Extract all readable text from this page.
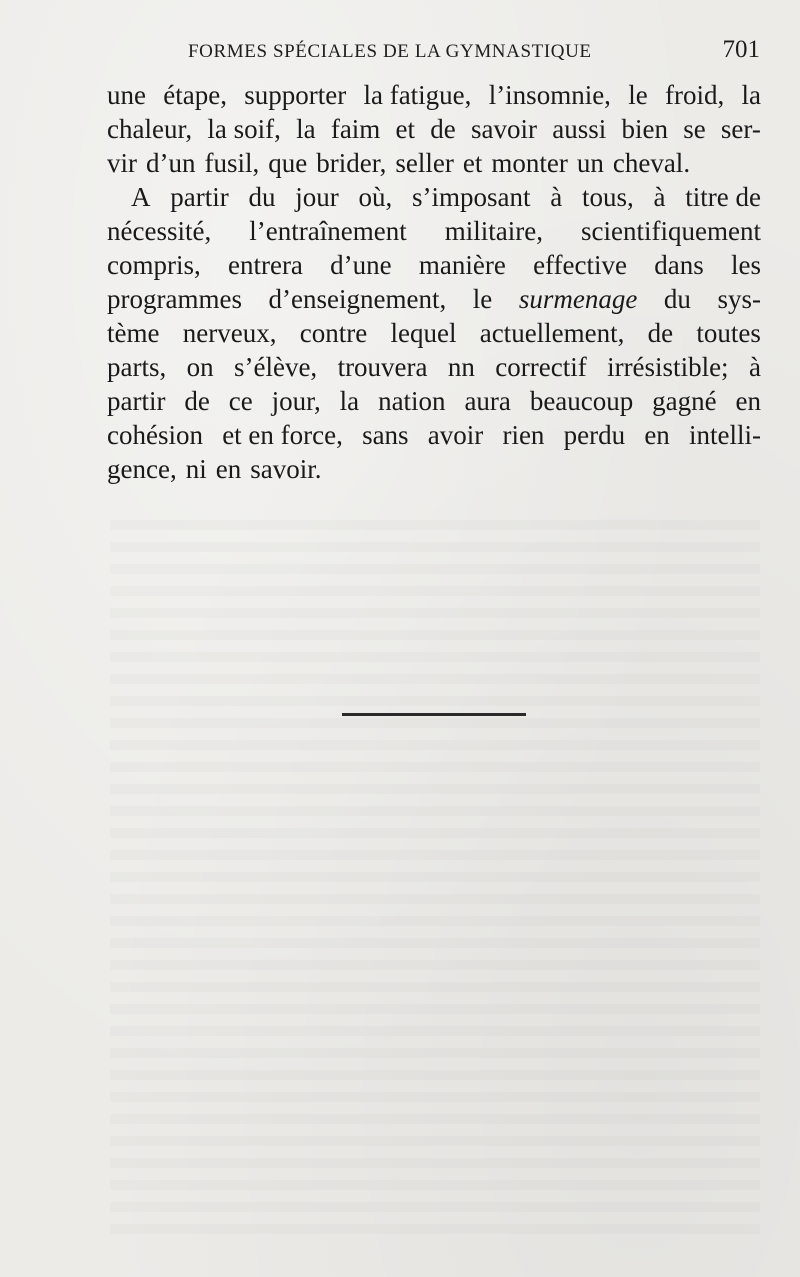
FORMES SPÉCIALES DE LA GYMNASTIQUE	701
une étape, supporter la fatigue, l’insomnie, le froid, la
chaleur, la soif, la faim et de savoir aussi bien se ser-
vir d’un fusil, que brider, seller et monter un cheval.
A partir du jour où, s’imposant à tous, à titre de
nécessité, l’entraînement militaire, scientifiquement
compris, entrera d’une manière effective dans les
programmes d’enseignement, le surmenage du sys-
tème nerveux, contre lequel actuellement, de toutes
parts, on s’élève, trouvera nn correctif irrésistible; à
partir de ce jour, la nation aura beaucoup gagné en
cohésion et en force, sans avoir rien perdu en intelli-
gence, ni en savoir.
